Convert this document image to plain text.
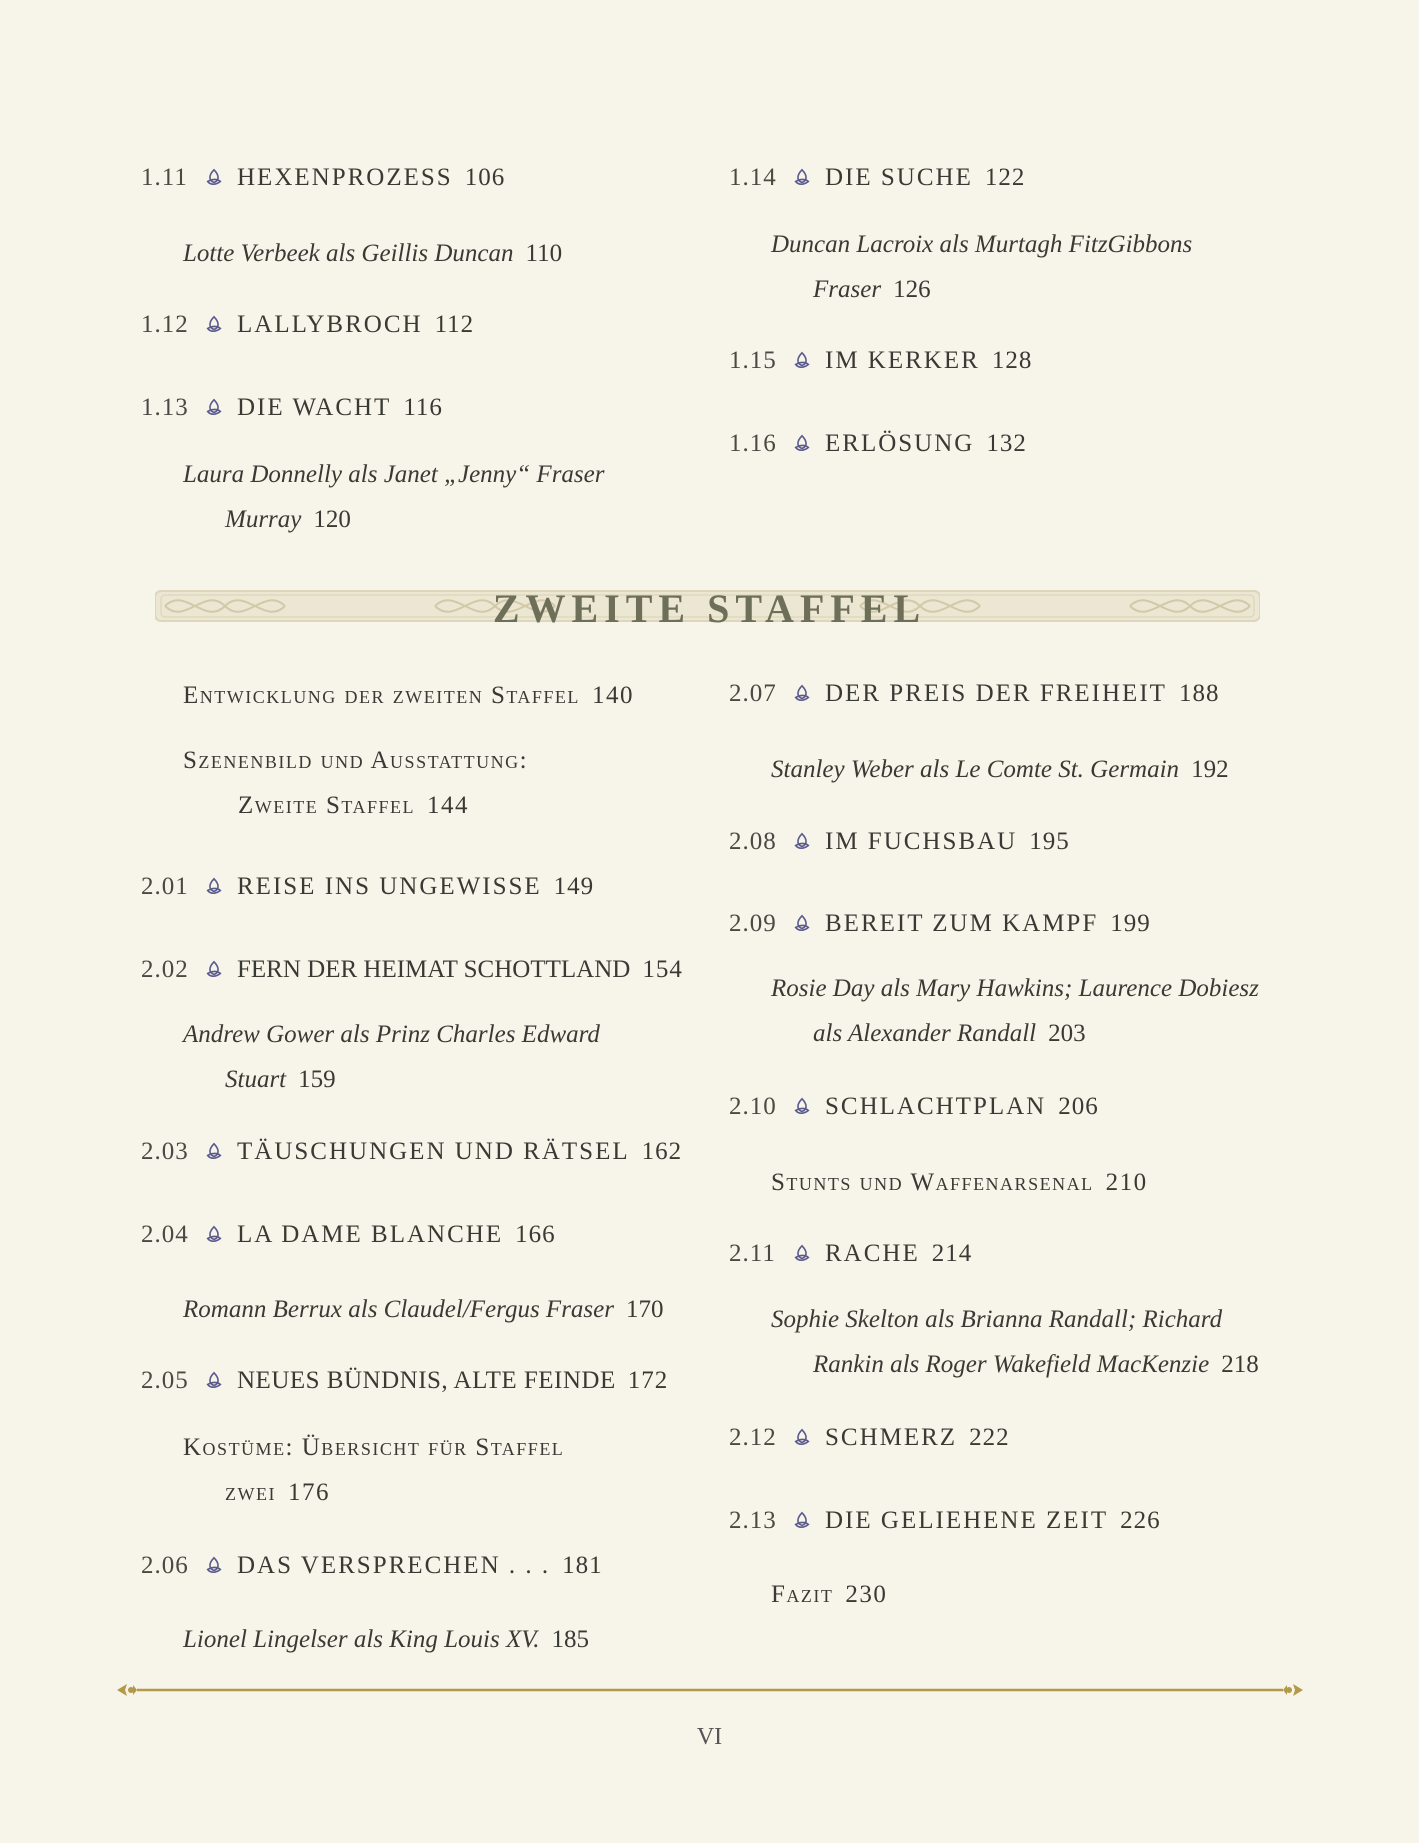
1.11 HEXENPROZESS 106
Lotte Verbeek als Geillis Duncan 110
1.12 LALLYBROCH 112
1.13 DIE WACHT 116
Laura Donnelly als Janet „Jenny“ Fraser
Murray 120
1.14 DIE SUCHE 122
Duncan Lacroix als Murtagh FitzGibbons
Fraser 126
1.15 IM KERKER 128
1.16 ERLÖSUNG 132
ZWEITE STAFFEL
Entwicklung der zweiten Staffel 140
Szenenbild und Ausstattung:
Zweite Staffel 144
2.01 REISE INS UNGEWISSE 149
2.02 FERN DER HEIMAT SCHOTTLAND 154
Andrew Gower als Prinz Charles Edward
Stuart 159
2.03 TÄUSCHUNGEN UND RÄTSEL 162
2.04 LA DAME BLANCHE 166
Romann Berrux als Claudel/Fergus Fraser 170
2.05 NEUES BÜNDNIS, ALTE FEINDE 172
Kostüme: Übersicht für Staffel
zwei 176
2.06 DAS VERSPRECHEN . . . 181
Lionel Lingelser als King Louis XV. 185
2.07 DER PREIS DER FREIHEIT 188
Stanley Weber als Le Comte St. Germain 192
2.08 IM FUCHSBAU 195
2.09 BEREIT ZUM KAMPF 199
Rosie Day als Mary Hawkins; Laurence Dobiesz
als Alexander Randall 203
2.10 SCHLACHTPLAN 206
Stunts und Waffenarsenal 210
2.11 RACHE 214
Sophie Skelton als Brianna Randall; Richard
Rankin als Roger Wakefield MacKenzie 218
2.12 SCHMERZ 222
2.13 DIE GELIEHENE ZEIT 226
Fazit 230
VI
